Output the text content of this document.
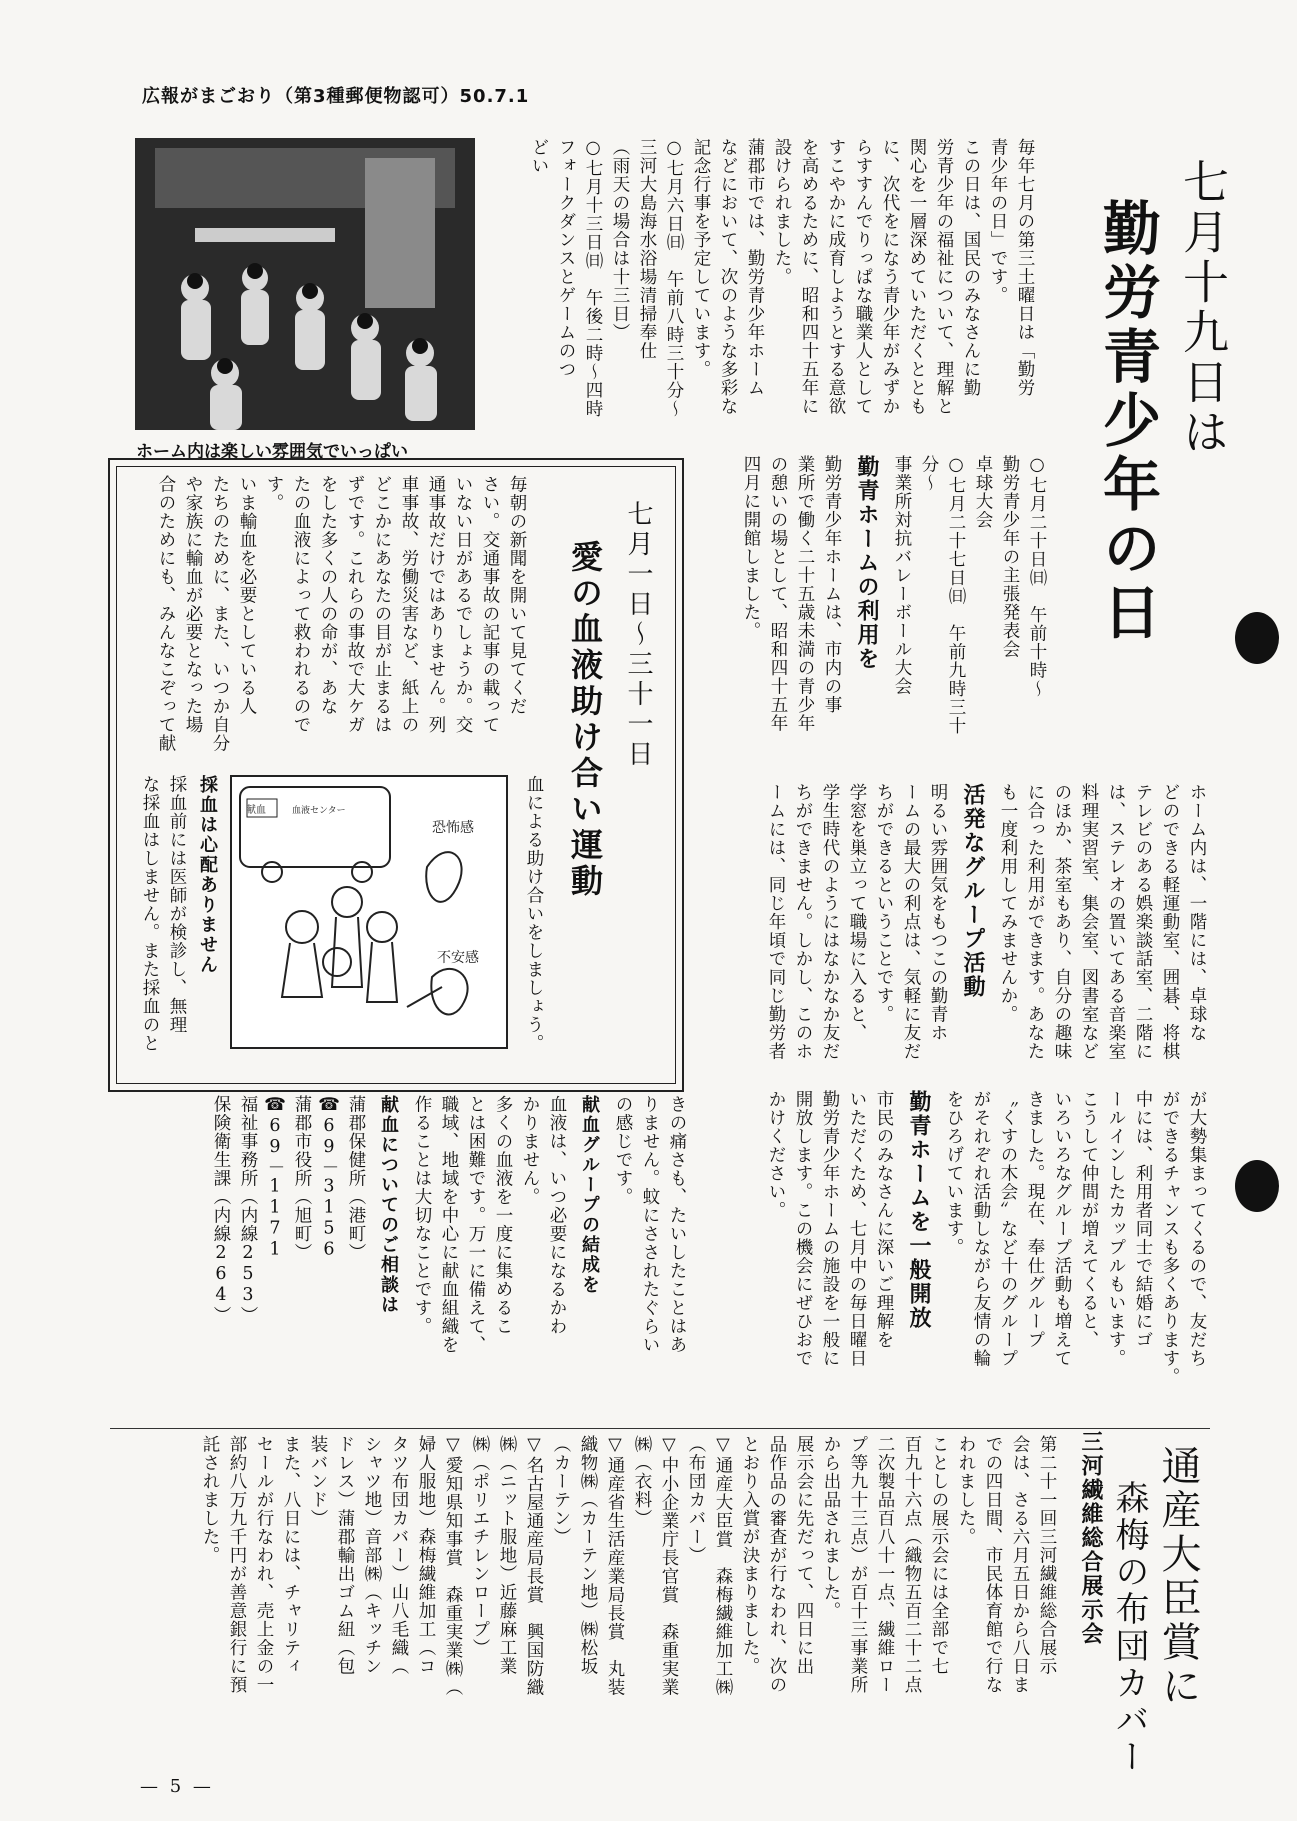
広報がまごおり（第3種郵便物認可）50.7.1
ホーム内は楽しい雰囲気でいっぱい	七月十九日は
勤労青少年の日

毎年七月の第三土曜日は「勤労

青少年の日」です。

この日は、国民のみなさんに勤

労青少年の福祉について、理解と

関心を一層深めていただくととも

に、次代をになう青少年がみずか

らすすんでりっぱな職業人として

すこやかに成育しようとする意欲

を高めるために、昭和四十五年に

設けられました。

蒲郡市では、勤労青少年ホーム

などにおいて、次のような多彩な

記念行事を予定しています。

○七月六日㈰　午前八時三十分～

三河大島海水浴場清掃奉仕

（雨天の場合は十三日）

○七月十三日㈰　午後二時～四時

フォークダンスとゲームのつ

どい

○七月二十日㈰　午前十時～

勤労青少年の主張発表会

卓球大会

○七月二十七日㈰　午前九時三十

分～

事業所対抗バレーボール大会

勤青ホームの利用を

勤労青少年ホームは、市内の事

業所で働く二十五歳未満の青少年

の憩いの場として、昭和四十五年

四月に開館しました。

ホーム内は、一階には、卓球な

どのできる軽運動室、囲碁、将棋

テレビのある娯楽談話室、二階に

は、ステレオの置いてある音楽室

料理実習室、集会室、図書室など

のほか、茶室もあり、自分の趣味

に合った利用ができます。あなた

も一度利用してみませんか。

活発なグループ活動

明るい雰囲気をもつこの勤青ホ

ームの最大の利点は、気軽に友だ

ちができるということです。

学窓を巣立って職場に入ると、

学生時代のようにはなかなか友だ

ちができません。しかし、このホ

ームには、同じ年頃で同じ勤労者

が大勢集まってくるので、友だち

ができるチャンスも多くあります。

中には、利用者同士で結婚にゴ

ールインしたカップルもいます。

こうして仲間が増えてくると、

いろいろなグループ活動も増えて

きました。現在、奉仕グループ

〝くすの木会〟など十のグループ

がそれぞれ活動しながら友情の輪

をひろげています。

勤青ホームを一般開放

市民のみなさんに深いご理解を

いただくため、七月中の毎日曜日

勤労青少年ホームの施設を一般に

開放します。この機会にぜひおで

かけください。

七月一日～三十一日
愛の血液助け合い運動

毎朝の新聞を開いて見てくだ

さい。交通事故の記事の載って

いない日があるでしょうか。交

通事故だけではありません。列

車事故、労働災害など、紙上の

どこかにあなたの目が止まるは

ずです。これらの事故で大ケガ

をした多くの人の命が、あな

たの血液によって救われるので

す。

いま輸血を必要としている人

たちのために、また、いつか自分

や家族に輸血が必要となった場

合のためにも、みんなこぞって献

血による助け合いをしましょう。
献血
恐怖感
不安感
血液センター

採血は心配ありません

採血前には医師が検診し、無理

な採血はしません。また採血のと

きの痛さも、たいしたことはあ

りません。蚊にさされたぐらい

の感じです。

献血グループの結成を

血液は、いつ必要になるかわ

かりません。

多くの血液を一度に集めるこ

とは困難です。万一に備えて、

職域、地域を中心に献血組織を

作ることは大切なことです。

献血についてのご相談は

蒲郡保健所（港町）

☎69－3156

蒲郡市役所（旭町）

☎69－1171

福祉事務所（内線253）

保険衛生課（内線264）

通産大臣賞に
森梅の布団カバー
三河繊維総合展示会

第二十一回三河繊維総合展示

会は、さる六月五日から八日ま

での四日間、市民体育館で行な

われました。

ことしの展示会には全部で七

百九十六点（織物五百二十二点

二次製品百八十一点、繊維ロー

プ等九十三点）が百十三事業所

から出品されました。

展示会に先だって、四日に出

品作品の審査が行なわれ、次の

とおり入賞が決まりました。

▽通産大臣賞　森梅繊維加工㈱

（布団カバー）

▽中小企業庁長官賞　森重実業

㈱（衣料）

▽通産省生活産業局長賞　丸装

織物㈱（カーテン地）㈱松坂

（カーテン）

▽名古屋通産局長賞　興国防織

㈱（ニット服地）近藤麻工業

㈱（ポリエチレンロープ）

▽愛知県知事賞　森重実業㈱（

婦人服地）森梅繊維加工（コ

タツ布団カバー）山八毛織（

シャツ地）音部㈱（キッチン

ドレス）蒲郡輸出ゴム紐（包

装バンド）

また、八日には、チャリティ

セールが行なわれ、売上金の一

部約八万九千円が善意銀行に預

託されました。

— 5 —
